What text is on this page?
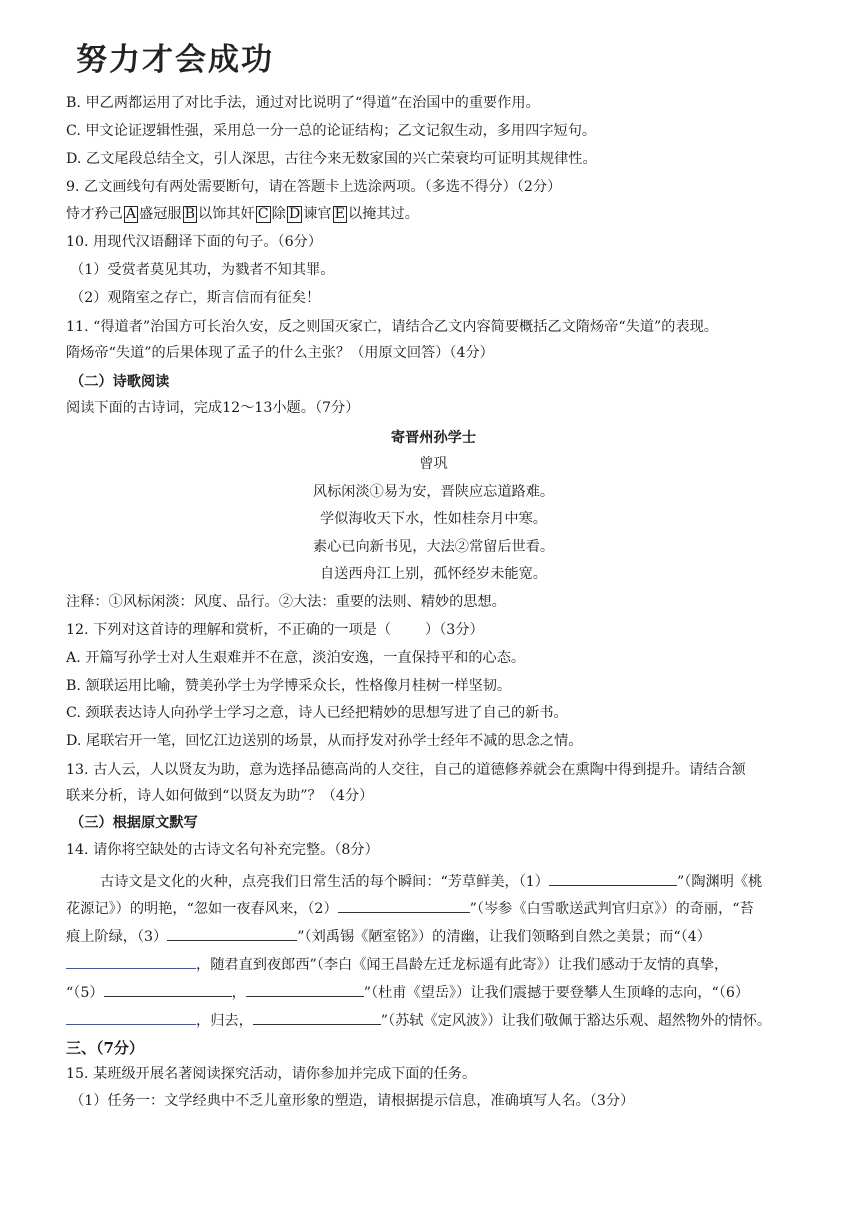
努力才会成功
B. 甲乙两都运用了对比手法，通过对比说明了“得道”在治国中的重要作用。
C. 甲文论证逻辑性强，采用总一分一总的论证结构；乙文记叙生动，多用四字短句。
D. 乙文尾段总结全文，引人深思，古往今来无数家国的兴亡荣衰均可证明其规律性。
9. 乙文画线句有两处需要断句，请在答题卡上选涂两项。（多选不得分）（2分）
恃才矜己 A 盛冠服 B 以饰其奸 C 除 D 谏官 E 以掩其过。
10. 用现代汉语翻译下面的句子。（6分）
（1）受赏者莫见其功，为戮者不知其罪。
（2）观隋室之存亡，斯言信而有征矣！
11. “得道者”治国方可长治久安，反之则国灭家亡，请结合乙文内容简要概括乙文隋炀帝“失道”的表现。
隋炀帝“失道”的后果体现了孟子的什么主张？（用原文回答）（4分）
（二）诗歌阅读
阅读下面的古诗词，完成12～13小题。（7分）
寄晋州孙学士
曾巩
风标闲淡①易为安，晋陕应忘道路难。
学似海收天下水，性如桂奈月中寒。
素心已向新书见，大法②常留后世看。
自送西舟江上别，孤怀经岁未能宽。
注释：①风标闲淡：风度、品行。②大法：重要的法则、精妙的思想。
12. 下列对这首诗的理解和赏析，不正确的一项是（ ）（3分）
A. 开篇写孙学士对人生艰难并不在意，淡泊安逸，一直保持平和的心态。
B. 颔联运用比喻，赞美孙学士为学博采众长，性格像月桂树一样坚韧。
C. 颈联表达诗人向孙学士学习之意，诗人已经把精妙的思想写进了自己的新书。
D. 尾联宕开一笔，回忆江边送别的场景，从而抒发对孙学士经年不减的思念之情。
13. 古人云，人以贤友为助，意为选择品德高尚的人交往，自己的道德修养就会在熏陶中得到提升。请结合颔
联来分析，诗人如何做到“以贤友为助”？（4分）
（三）根据原文默写
14. 请你将空缺处的古诗文名句补充完整。（8分）
古诗文是文化的火种，点亮我们日常生活的每个瞬间：“芳草鲜美，（1）	”（陶渊明《桃
花源记》）的明艳，“忽如一夜春风来，（2）	”（岑参《白雪歌送武判官归京》）的奇丽，“苔
痕上阶绿，（3）	”（刘禹锡《陋室铭》）的清幽，让我们领略到自然之美景；而“（4）
，随君直到夜郎西”（李白《闻王昌龄左迁龙标遥有此寄》）让我们感动于友情的真挚，
“（5）	，	”（杜甫《望岳》）让我们震撼于要登攀人生顶峰的志向，“（6）
，归去，	”（苏轼《定风波》）让我们敬佩于豁达乐观、超然物外的情怀。
三、（7分）
15. 某班级开展名著阅读探究活动，请你参加并完成下面的任务。
（1）任务一：文学经典中不乏儿童形象的塑造，请根据提示信息，准确填写人名。（3分）
